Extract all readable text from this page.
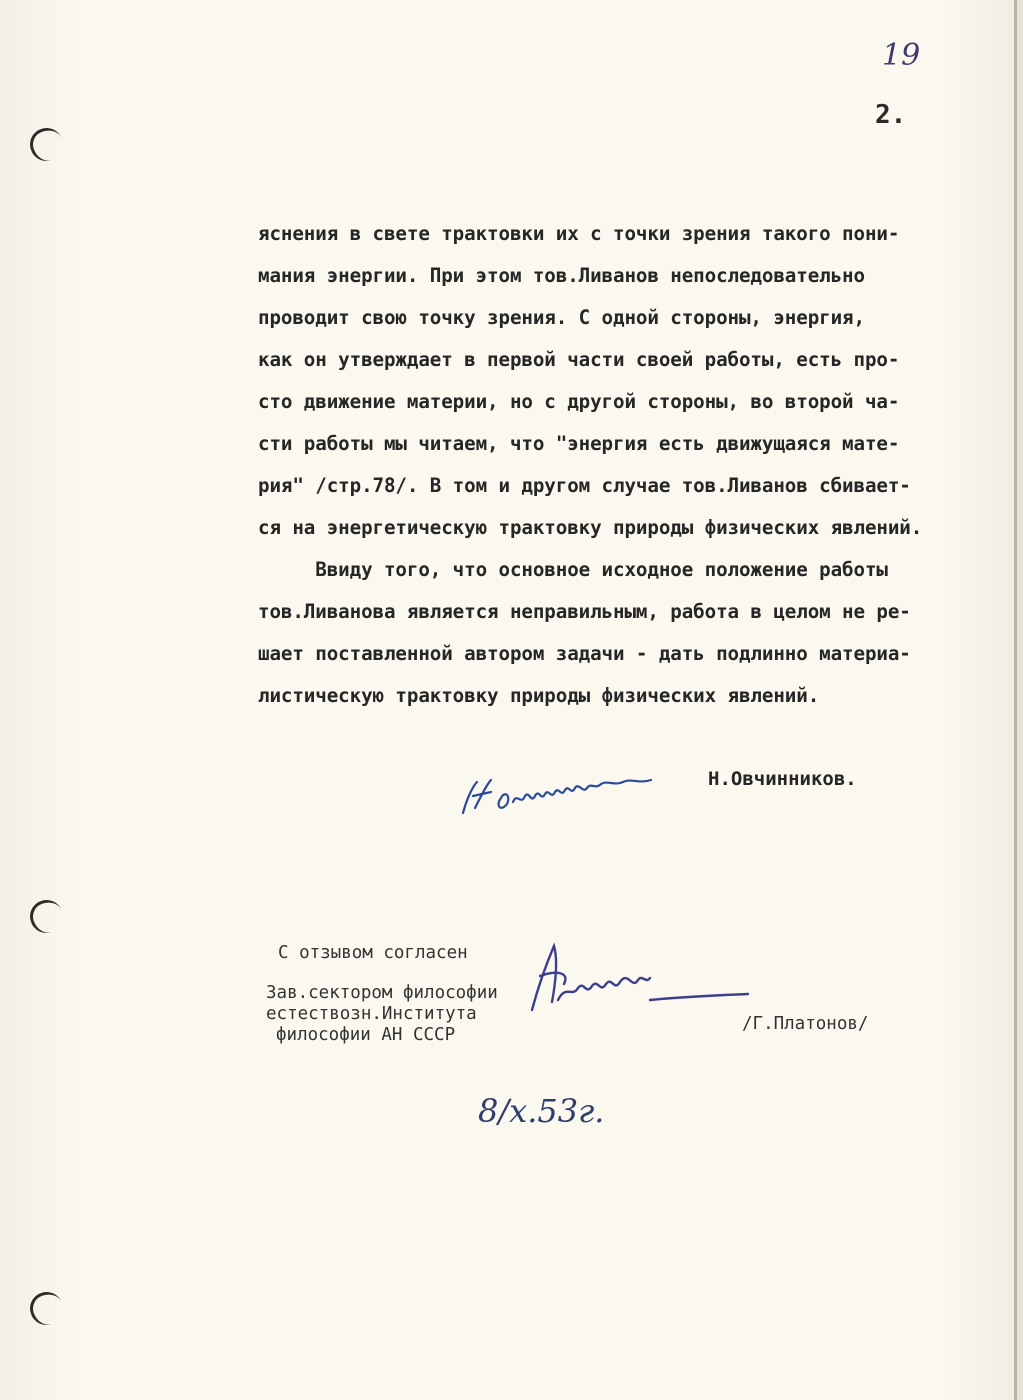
19
2.
яснения в свете трактовки их с точки зрения такого пони-
мания энергии. При этом тов.Ливанов непоследовательно
проводит свою точку зрения. С одной стороны, энергия,
как он утверждает в первой части своей работы, есть про-
сто движение материи, но с другой стороны, во второй ча-
сти работы мы читаем, что "энергия есть движущаяся мате-
рия" /стр.78/. В том и другом случае тов.Ливанов сбивает-
ся на энергетическую трактовку природы физических явлений.
Ввиду того, что основное исходное положение работы
тов.Ливанова является неправильным, работа в целом не ре-
шает поставленной автором задачи - дать подлинно материа-
листическую трактовку природы физических явлений.
Н.Овчинников.
С отзывом согласен
Зав.сектором философии
естествозн.Института
философии АН СССР
/Г.Платонов/
8/x.53г.
